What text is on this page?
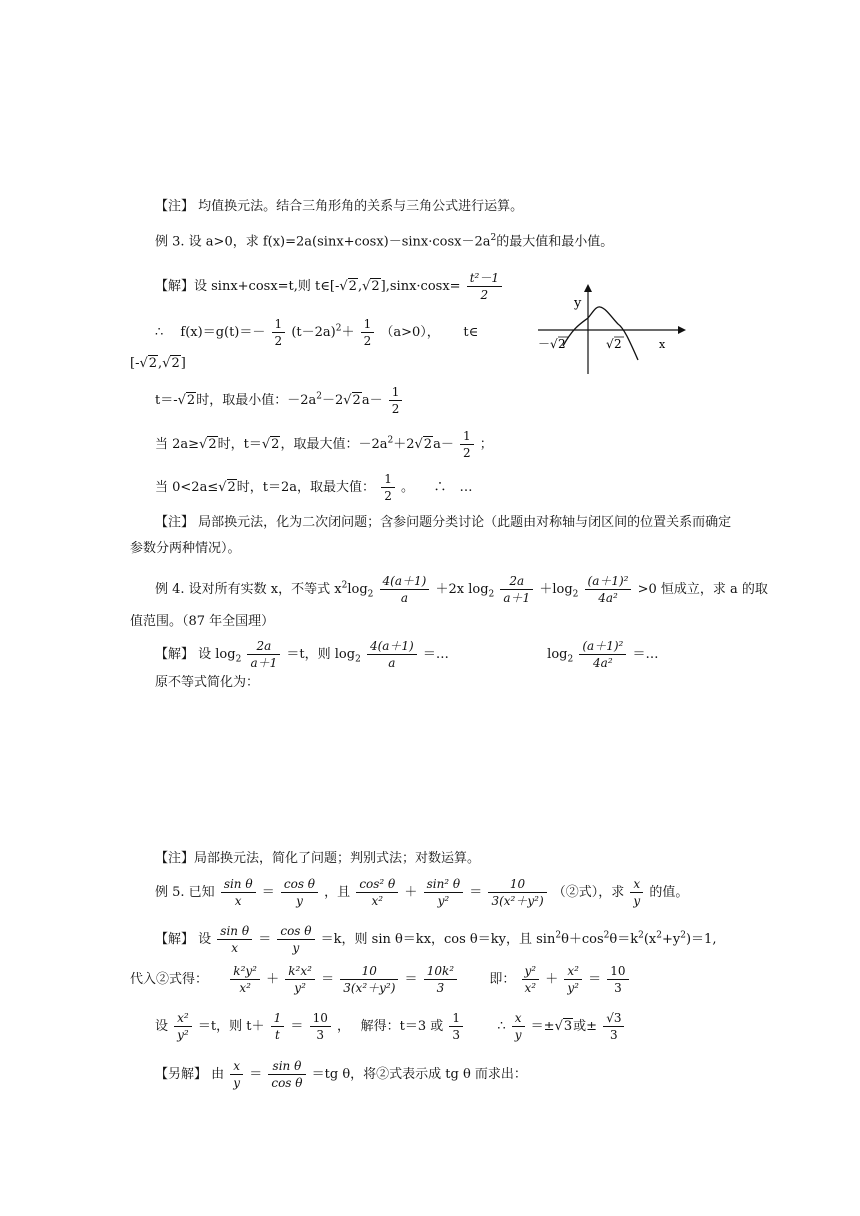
【注】 均值换元法。结合三角形角的关系与三角公式进行运算。
例 3. 设 a>0，求 $f(x)=2a(\sin x+\cos x)-\sin x\cdot\cos x-2a^2$的最大值和最小值。
【解】设 sinx+cosx=t,则 t∈[-√2,√2],sinx·cosx= $\frac{\text{t²－1}}{2}$
∴　 $f(x)=g(t)=- \frac{1}{2} (t-2a)^2+ \frac{1}{2} (a>0)$，　　 t∈
[-√2,√2]
t＝-√2时，取最小值：$-2a^2-2√2a- \frac{1}{2}$
当 2a≥√2时，t＝√2，取最大值：$-2a^2+2√2a- \frac{1}{2}$ ；
当 0<2a≤√2时，t＝2a，取最大值： $\frac{1}{2}$ 。　　∴　…
y
x
－ √ 2	√ 2
【注】 局部换元法，化为二次闭问题；含参问题分类讨论（此题由对称轴与闭区间的位置关系而确定
参数分两种情况）。
例 4. 设对所有实数 x，不等式 $x^2\log_2 \frac{4(a+1)}{a} +2x$ $\log_2 \frac{2a}{a+1} +\log_2 \frac{\text{(a＋1)²}}{\text{4a²}} >0$ 恒成立，求 a 的取
值范围。（87 年全国理）
【解】 设 $\log_2 \frac{2a}{a+1} =t$，则 $\log_2 \frac{4(a+1)}{a}$ ＝…	$\log_2 \frac{\text{(a＋1)²}}{\text{4a²}}$ ＝…
原不等式简化为：
【注】局部换元法，简化了问题；判别式法；对数运算。
例 5. 已知 $\frac{\text{sin θ}}{x} = \frac{\text{cos θ}}{y}$ ，且 $\frac{\text{cos² θ}}{\text{x²}} + \frac{\text{sin² θ}}{\text{y²}} = \frac{10}{\text{3(x²＋y²)}}$ （②式），求 $\frac{x}{y}$ 的值。
【解】 设 $\frac{\text{sin θ}}{x} = \frac{\text{cos θ}}{y} =k$，则 sin θ＝kx，cos θ＝ky，且 $\sin^2\theta+\cos^2\theta=k^2(x^2+y^2)=1$,
代入②式得： $\frac{\text{k²y²}}{\text{x²}} + \frac{\text{k²x²}}{\text{y²}} = \frac{10}{\text{3(x²＋y²)}} = \frac{\text{10k²}}{3}$ 即： $\frac{\text{y²}}{\text{x²}} + \frac{\text{x²}}{\text{y²}} = \frac{10}{3}$
设 $\frac{\text{x²}}{\text{y²}} =t$，则 $t+ \frac{1}{t} = \frac{10}{3}$ ，　 解得：t＝3 或 $\frac{1}{3}$	∴ $\frac{x}{y} =\pm√3$或± $\frac{√3}{3}$
【另解】 由 $\frac{x}{y} = \frac{\text{sin θ}}{\text{cos θ}} =tg$ θ，将②式表示成 tg θ 而求出：
